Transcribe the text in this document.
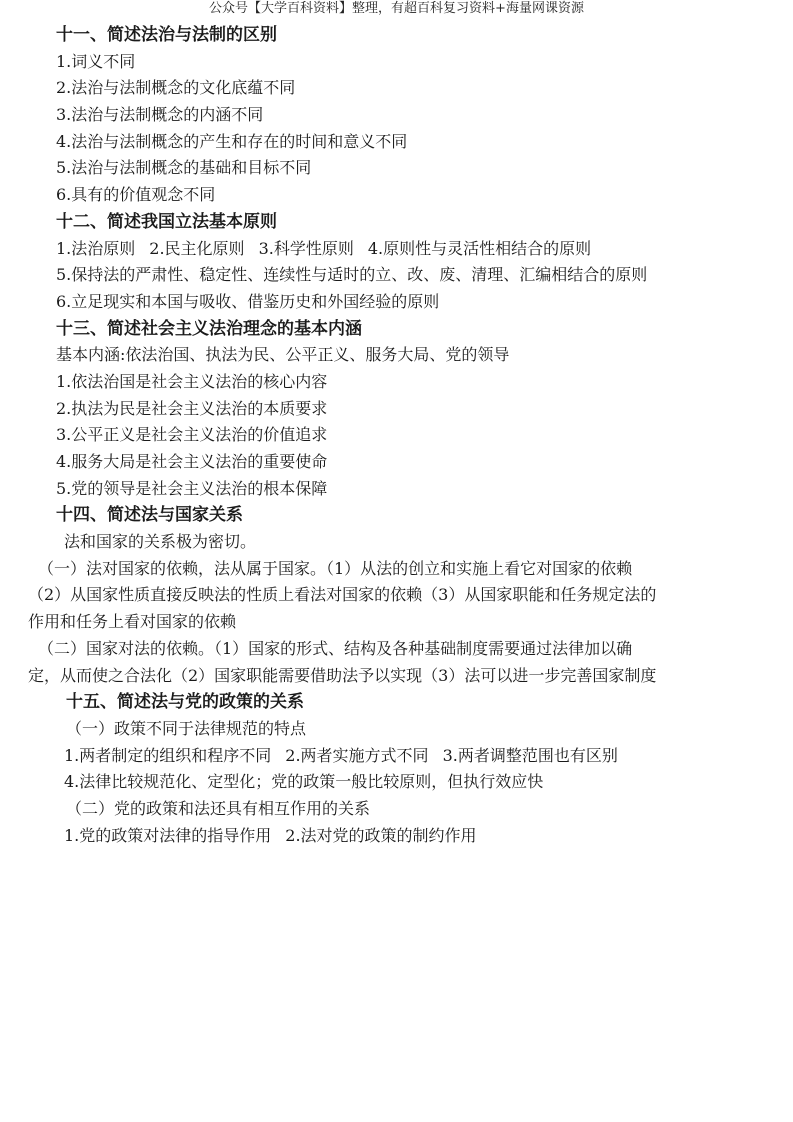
公众号【大学百科资料】整理，有超百科复习资料+海量网课资源
十一、简述法治与法制的区别
1.词义不同
2.法治与法制概念的文化底蕴不同
3.法治与法制概念的内涵不同
4.法治与法制概念的产生和存在的时间和意义不同
5.法治与法制概念的基础和目标不同
6.具有的价值观念不同
十二、简述我国立法基本原则
1.法治原则 2.民主化原则 3.科学性原则 4.原则性与灵活性相结合的原则
5.保持法的严肃性、稳定性、连续性与适时的立、改、废、清理、汇编相结合的原则
6.立足现实和本国与吸收、借鉴历史和外国经验的原则
十三、简述社会主义法治理念的基本内涵
基本内涵:依法治国、执法为民、公平正义、服务大局、党的领导
1.依法治国是社会主义法治的核心内容
2.执法为民是社会主义法治的本质要求
3.公平正义是社会主义法治的价值追求
4.服务大局是社会主义法治的重要使命
5.党的领导是社会主义法治的根本保障
十四、简述法与国家关系
法和国家的关系极为密切。
（一）法对国家的依赖，法从属于国家。（1）从法的创立和实施上看它对国家的依赖
（2）从国家性质直接反映法的性质上看法对国家的依赖（3）从国家职能和任务规定法的
作用和任务上看对国家的依赖
（二）国家对法的依赖。（1）国家的形式、结构及各种基础制度需要通过法律加以确
定，从而使之合法化（2）国家职能需要借助法予以实现（3）法可以进一步完善国家制度
十五、简述法与党的政策的关系
（一）政策不同于法律规范的特点
1.两者制定的组织和程序不同 2.两者实施方式不同 3.两者调整范围也有区别
4.法律比较规范化、定型化；党的政策一般比较原则，但执行效应快
（二）党的政策和法还具有相互作用的关系
1.党的政策对法律的指导作用 2.法对党的政策的制约作用
